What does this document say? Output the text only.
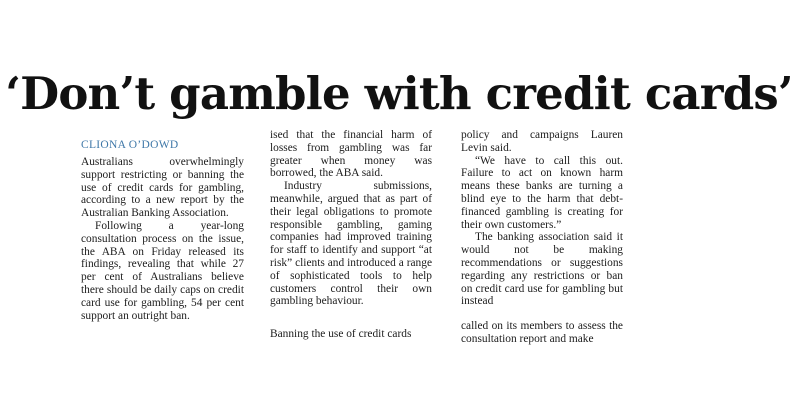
‘Don’t gamble with credit cards’
CLIONA O’DOWD

Australians overwhelmingly support restricting or banning the use of credit cards for gambling, according to a new report by the Australian Banking Association.

Following a year-long consultation process on the issue, the ABA on Friday released its findings, revealing that while 27 per cent of Australians believe there should be daily caps on credit card use for gambling, 54 per cent support an outright ban.

ised that the financial harm of losses from gambling was far greater when money was borrowed, the ABA said.

Industry submissions, meanwhile, argued that as part of their legal obligations to promote responsible gambling, gaming companies had improved training for staff to identify and support “at risk” clients and introduced a range of sophisticated tools to help customers control their own gambling behaviour.

Banning the use of credit cards

policy and campaigns Lauren Levin said.

“We have to call this out. Failure to act on known harm means these banks are turning a blind eye to the harm that debt-financed gambling is creating for their own customers.”

The banking association said it would not be making recommendations or suggestions regarding any restrictions or ban on credit card use for gambling but instead

called on its members to assess the consultation report and make
